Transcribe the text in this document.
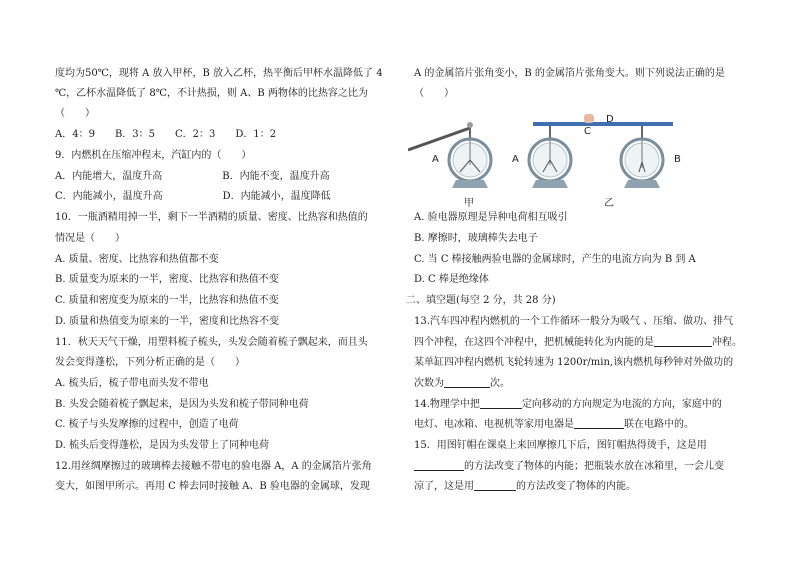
度均为50℃，现将 A 放入甲杯，B 放入乙杯，热平衡后甲杯水温降低了 4
℃，乙杯水温降低了 8℃，不计热损，则 A、B 两物体的比热容之比为
（　　）
A．4：9　　B．3：5　　C．2：3　　D．1：2
9．内燃机在压缩冲程末，汽缸内的（　　）
A．内能增大，温度升高　　　　　　B．内能不变，温度升高
C．内能减小，温度升高　　　　　　D．内能减小，温度降低
10．一瓶酒精用掉一半，剩下一半酒精的质量、密度、比热容和热值的
情况是（　　）
A. 质量、密度、比热容和热值都不变
B. 质量变为原来的一半，密度、比热容和热值不变
C. 质量和密度变为原来的一半，比热容和热值不变
D. 质量和热值变为原来的一半，密度和比热容不变
11．秋天天气干燥，用塑料梳子梳头，头发会随着梳子飘起来，而且头
发会变得蓬松，下列分析正确的是（　　）
A. 梳头后，梳子带电而头发不带电
B. 头发会随着梳子飘起来，是因为头发和梳子带同种电荷
C. 梳子与头发摩擦的过程中，创造了电荷
D. 梳头后变得蓬松，是因为头发带上了同种电荷
12.用丝绸摩擦过的玻璃棒去接触不带电的验电器 A，A 的金属箔片张角
变大，如图甲所示。再用 C 棒去同时接触 A、B 验电器的金属球，发现
A 的金属箔片张角变小，B 的金属箔片张角变大。则下列说法正确的是
（　　）
A
甲
C
D
A	B
乙
A. 验电器原理是异种电荷相互吸引
B. 摩擦时，玻璃棒失去电子
C. 当 C 棒接触两验电器的金属球时，产生的电流方向为 B 到 A
D. C 棒是绝缘体
二、填空题(每空 2 分，共 28 分)
13.汽车四冲程内燃机的一个工作循环一般分为吸气 、压缩、做功、排气
四个冲程，在这四个冲程中，把机械能转化为内能的是	冲程。
某单缸四冲程内燃机飞轮转速为 1200r/min,该内燃机每秒钟对外做功的
次数为	次。
14.物理学中把	定向移动的方向规定为电流的方向，家庭中的
电灯、电冰箱、电视机等家用电器是	联在电路中的。
15．用图钉帽在课桌上来回摩擦几下后，图钉帽热得烫手，这是用
的方法改变了物体的内能；把瓶装水放在冰箱里，一会儿变
凉了，这是用	的方法改变了物体的内能。
